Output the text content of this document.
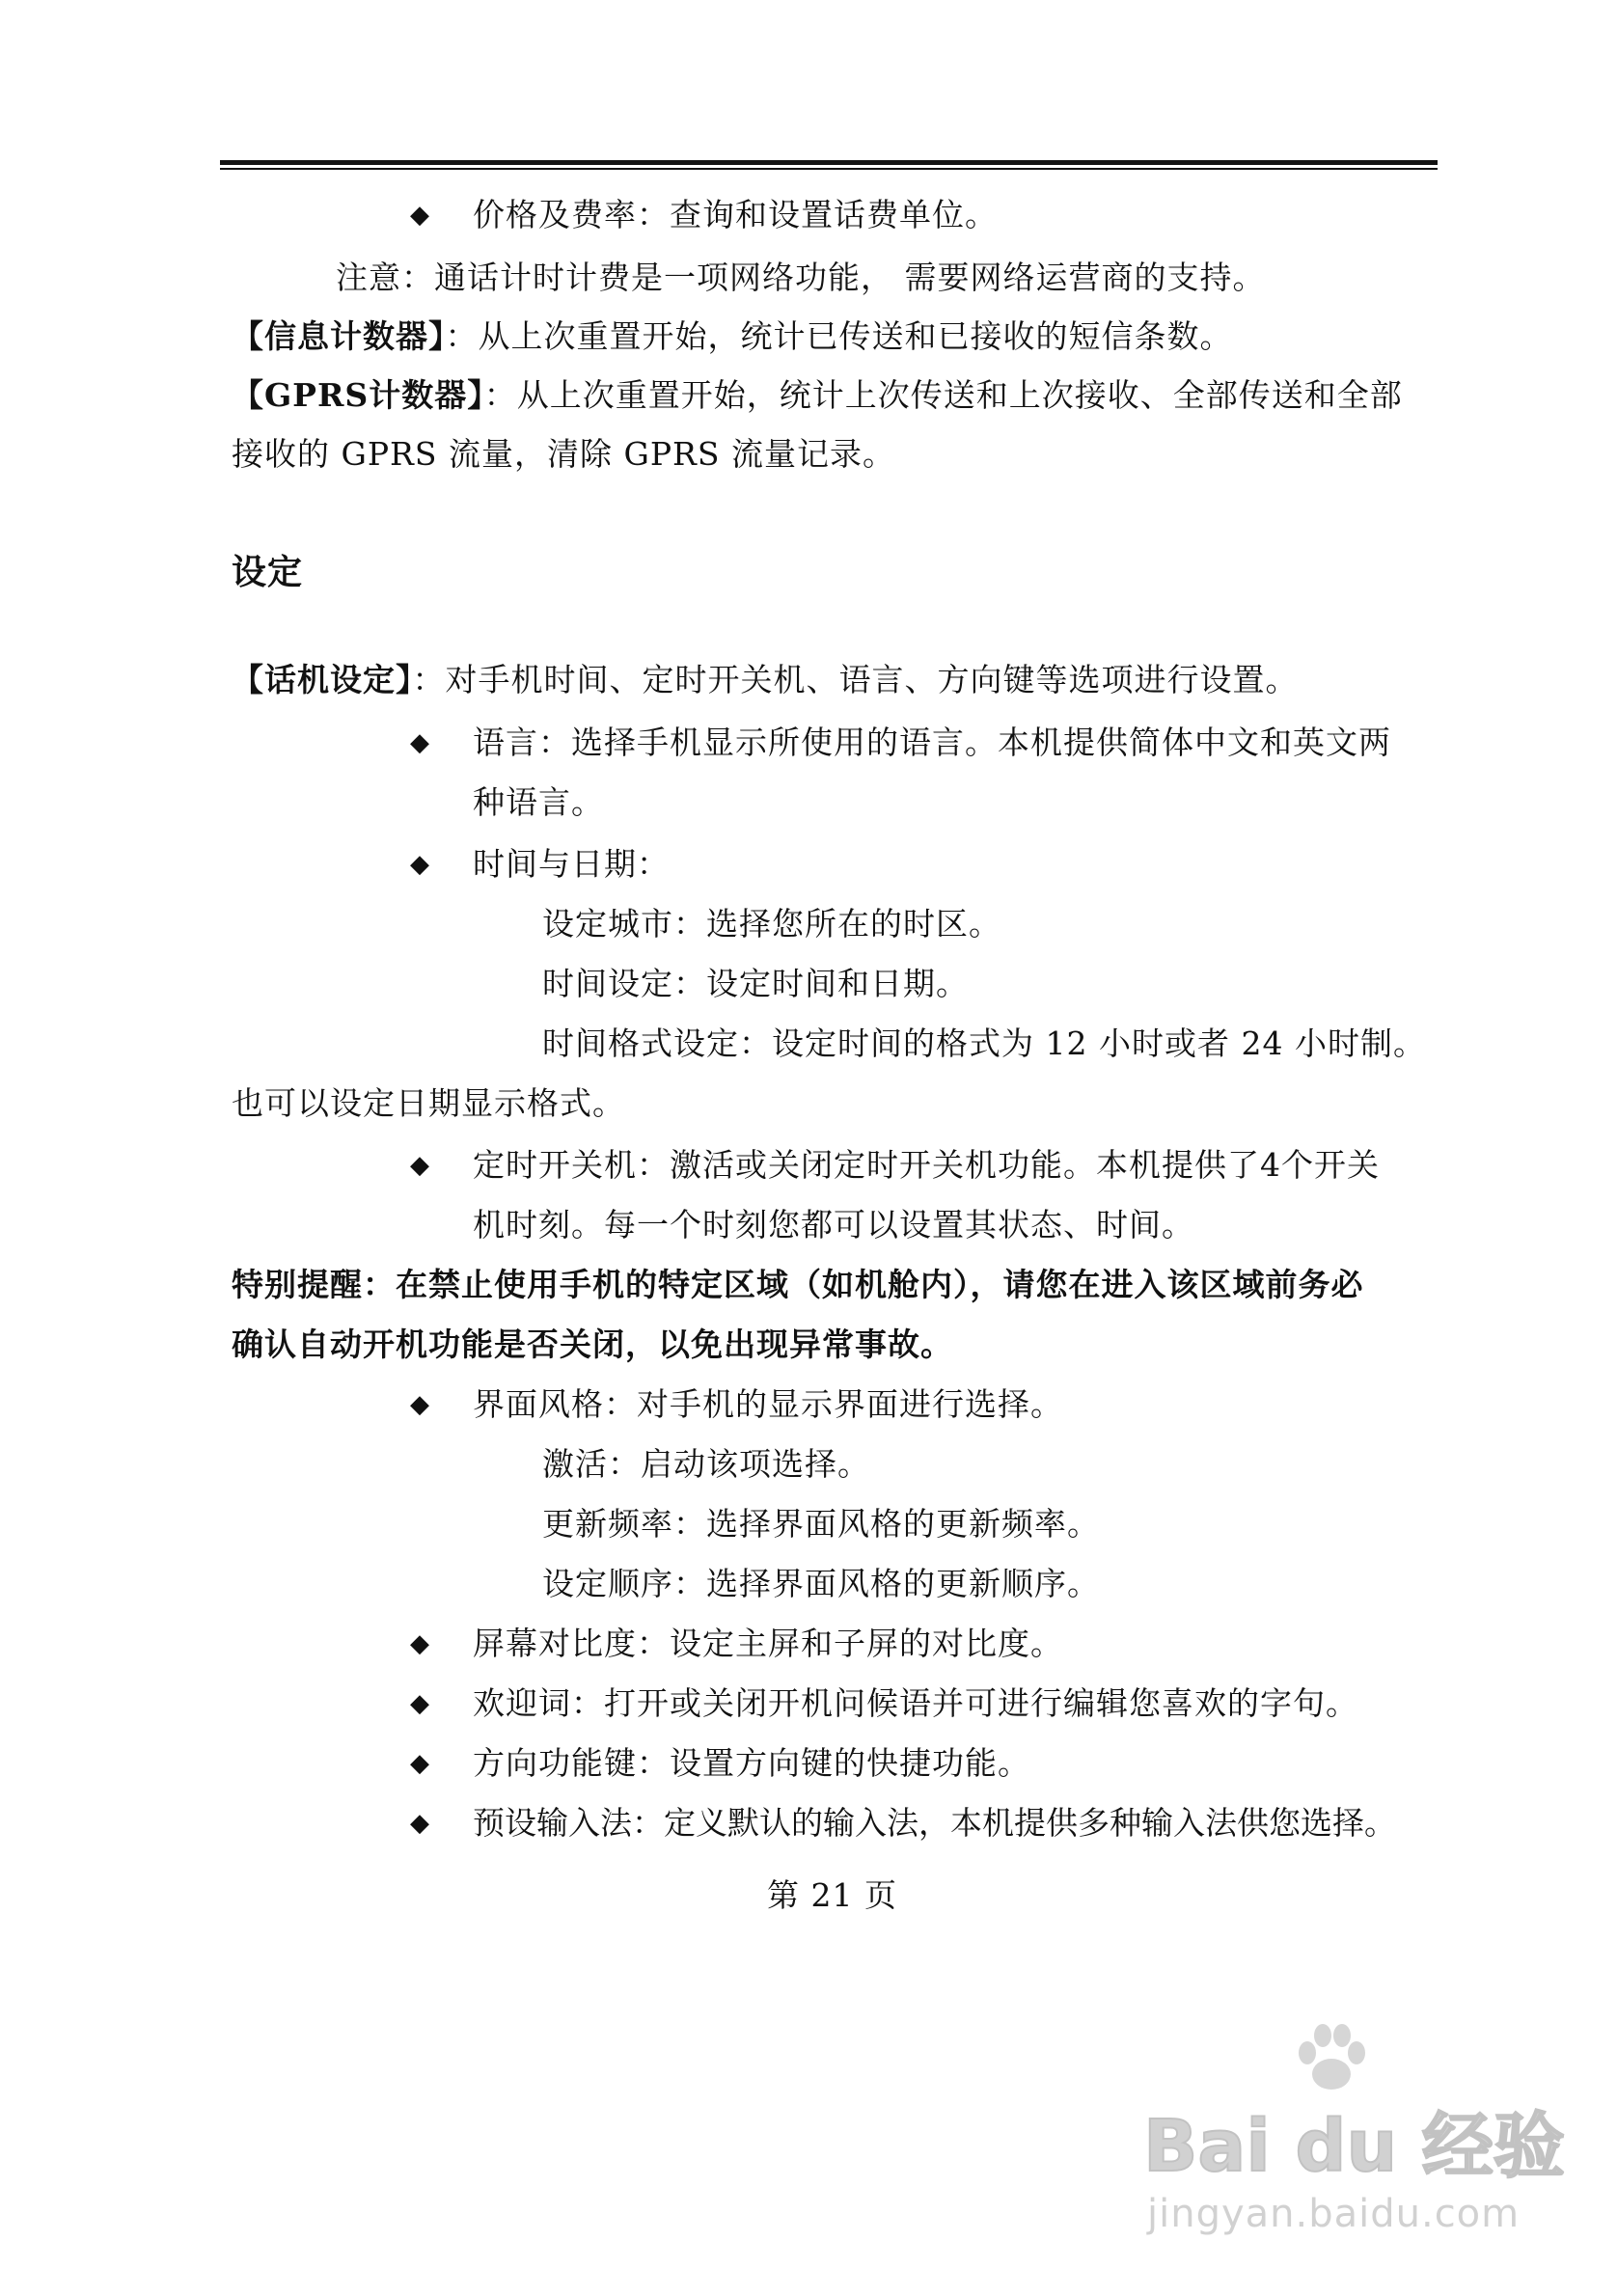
◆ 价格及费率：查询和设置话费单位。
注意：通话计时计费是一项网络功能， 需要网络运营商的支持。
【信息计数器】：从上次重置开始，统计已传送和已接收的短信条数。
【GPRS计数器】：从上次重置开始，统计上次传送和上次接收、全部传送和全部
接收的 GPRS 流量，清除 GPRS 流量记录。
设定
【话机设定】：对手机时间、定时开关机、语言、方向键等选项进行设置。
◆ 语言：选择手机显示所使用的语言。本机提供简体中文和英文两
种语言。
◆ 时间与日期：
设定城市：选择您所在的时区。
时间设定：设定时间和日期。
时间格式设定：设定时间的格式为 12 小时或者 24 小时制。
也可以设定日期显示格式。
◆ 定时开关机：激活或关闭定时开关机功能。本机提供了4个开关
机时刻。每一个时刻您都可以设置其状态、时间。
特别提醒：在禁止使用手机的特定区域（如机舱内），请您在进入该区域前务必
确认自动开机功能是否关闭，以免出现异常事故。
◆ 界面风格：对手机的显示界面进行选择。
激活：启动该项选择。
更新频率：选择界面风格的更新频率。
设定顺序：选择界面风格的更新顺序。
◆ 屏幕对比度：设定主屏和子屏的对比度。
◆ 欢迎词：打开或关闭开机问候语并可进行编辑您喜欢的字句。
◆ 方向功能键：设置方向键的快捷功能。
◆ 预设输入法：定义默认的输入法，本机提供多种输入法供您选择。
第 21 页
Bai du 经验
jingyan.baidu.com
